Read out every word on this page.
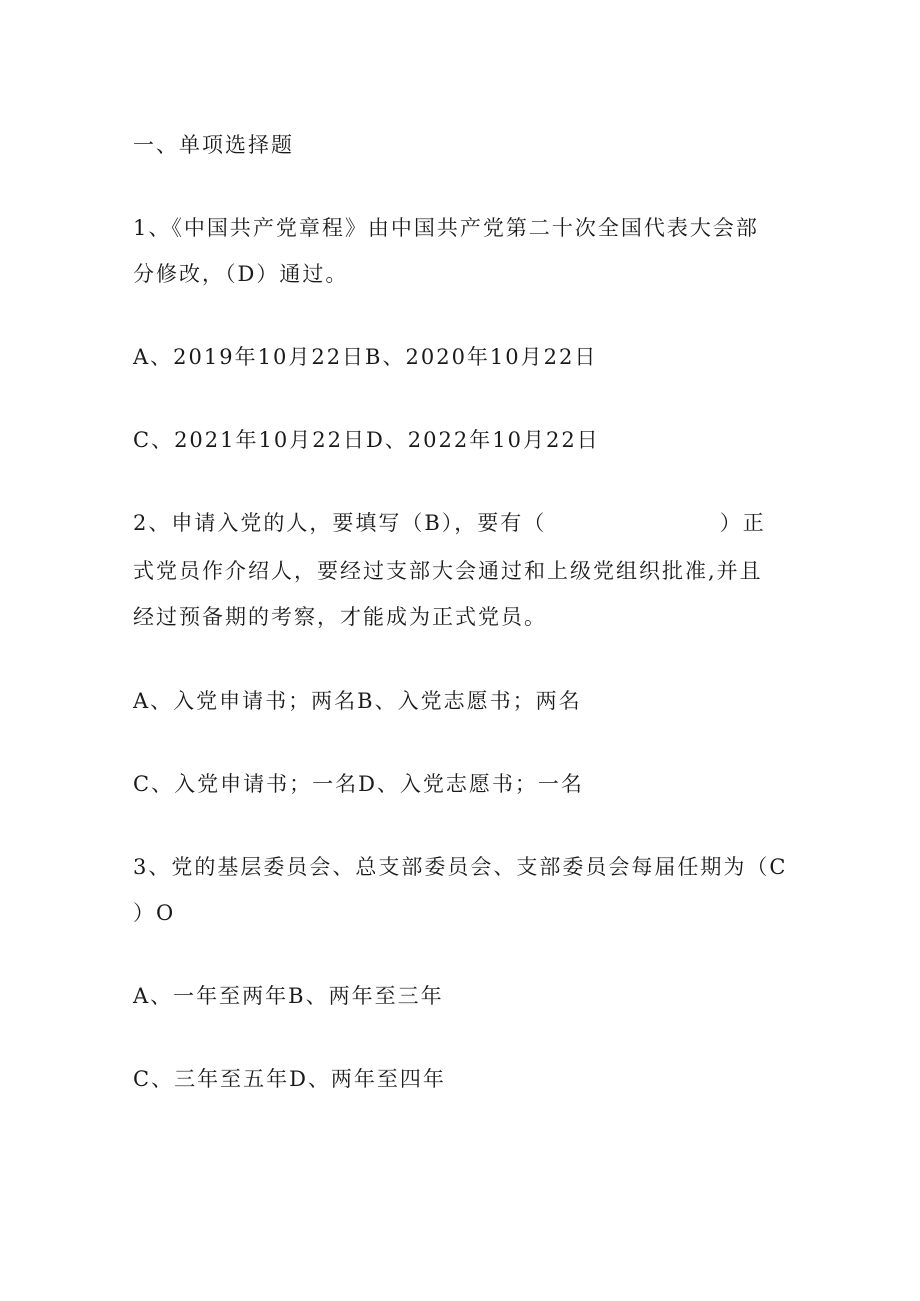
一、单项选择题
1、《中国共产党章程》由中国共产党第二十次全国代表大会部
分修改，（D）通过。
A、2019年10月22日B、2020年10月22日
C、2021年10月22日D、2022年10月22日
2、申请入党的人，要填写（B），要有（                    ）正
式党员作介绍人，要经过支部大会通过和上级党组织批准,并且
经过预备期的考察，才能成为正式党员。
A、入党申请书；两名B、入党志愿书；两名
C、入党申请书；一名D、入党志愿书；一名
3、党的基层委员会、总支部委员会、支部委员会每届任期为（C
）O
A、一年至两年B、两年至三年
C、三年至五年D、两年至四年
